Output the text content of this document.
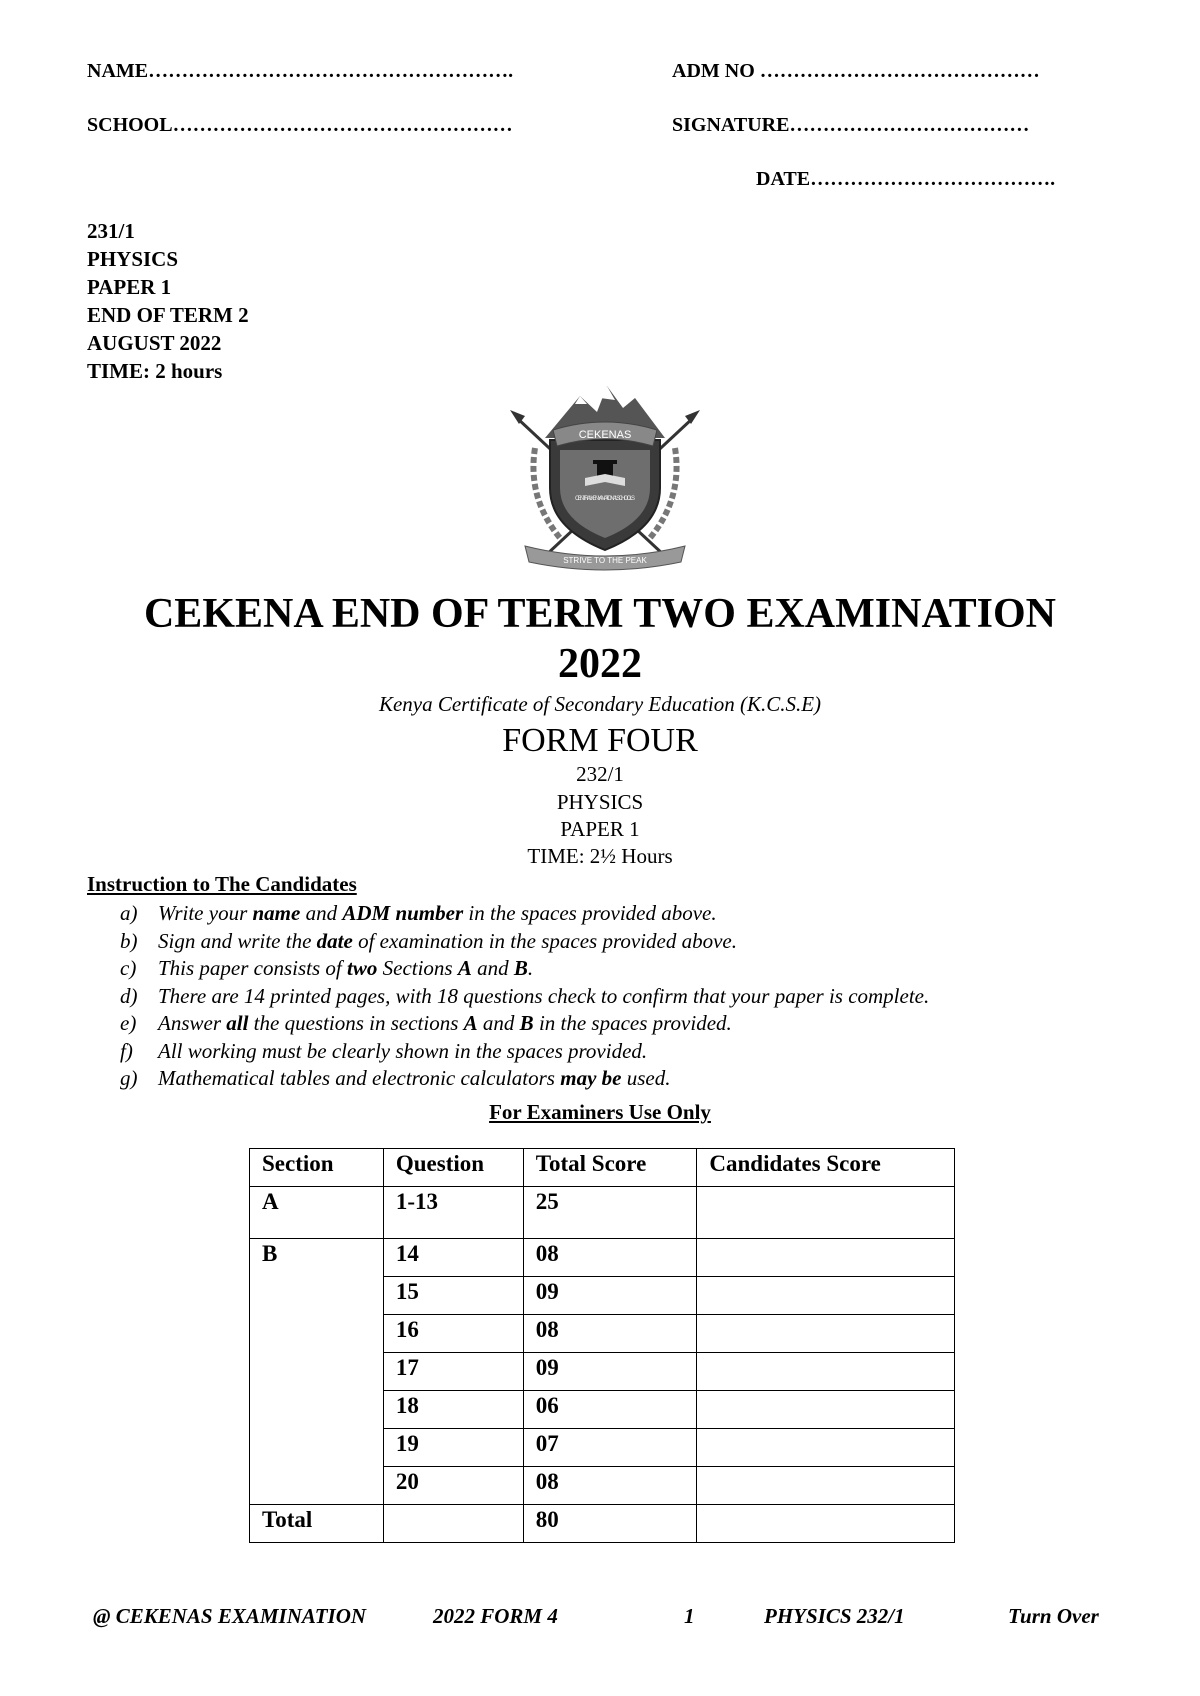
NAME……………………………………………….	ADM NO ……………………………………
SCHOOL……………………………………………	SIGNATURE………………………………
DATE……………………………….
231/1
PHYSICS
PAPER 1
END OF TERM 2
AUGUST 2022
TIME: 2 hours
CEKENAS
CENTRAL KENYA NATIONAL SCHOOLS
STRIVE TO THE PEAK
CEKENA END OF TERM TWO EXAMINATION
2022
Kenya Certificate of Secondary Education (K.C.S.E)
FORM FOUR
232/1
PHYSICS
PAPER 1
TIME: 2½ Hours
Instruction to The Candidates
a) Write your name and ADM number in the spaces provided above.
b) Sign and write the date of examination in the spaces provided above.
c) This paper consists of two Sections A and B.
d) There are 14 printed pages, with 18 questions check to confirm that your paper is complete.
e) Answer all the questions in sections A and B in the spaces provided.
f) All working must be clearly shown in the spaces provided.
g) Mathematical tables and electronic calculators may be used.
For Examiners Use Only
Section	Question	Total Score	Candidates Score
A	1-13	25	
B	14	08	
	15	09	
	16	08	
	17	09	
	18	06	
	19	07	
	20	08	
Total		80	
@ CEKENAS EXAMINATION	2022 FORM 4	1	PHYSICS 232/1	Turn Over
